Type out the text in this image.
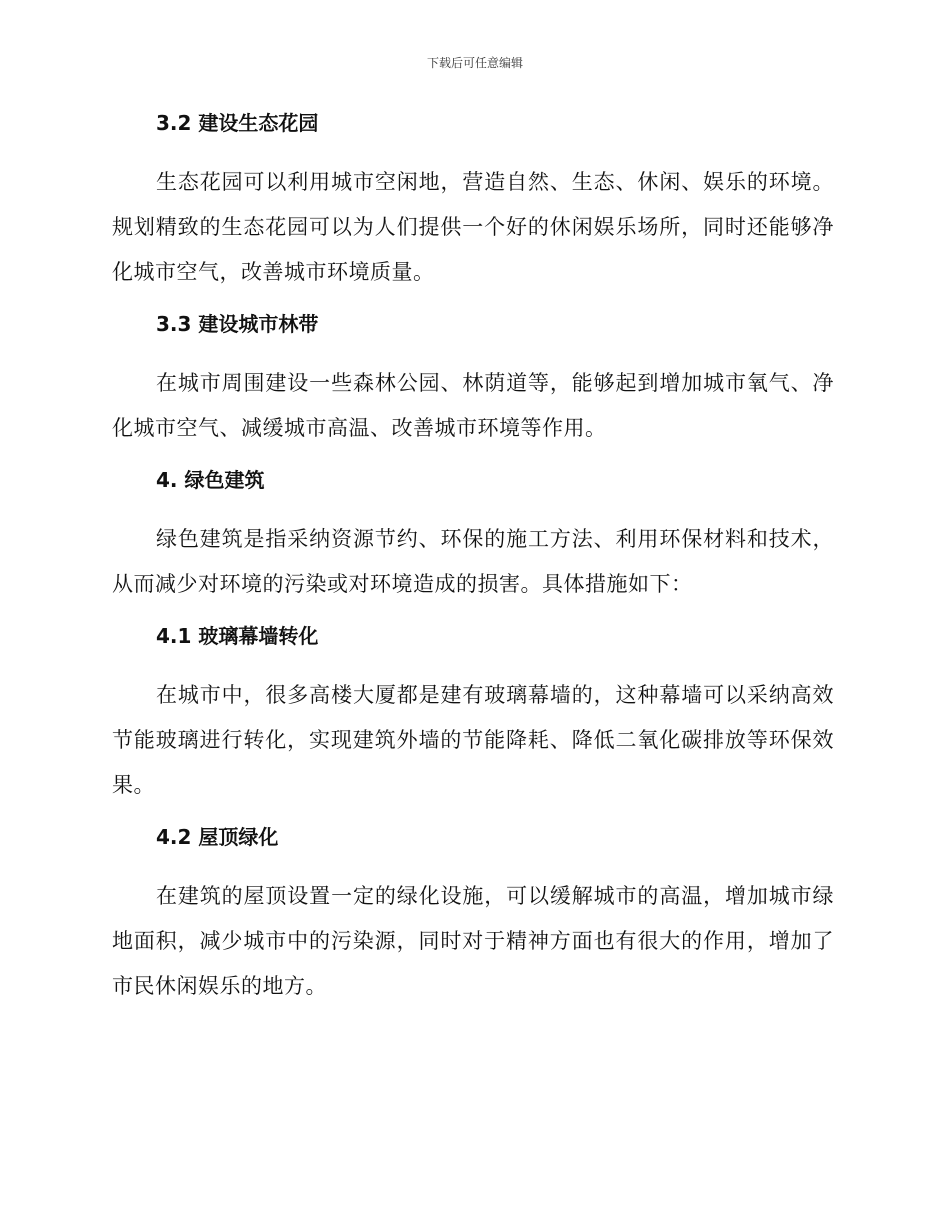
下载后可任意编辑
3.2 建设生态花园

生态花园可以利用城市空闲地，营造自然、生态、休闲、娱乐的环境。规划精致的生态花园可以为人们提供一个好的休闲娱乐场所，同时还能够净化城市空气，改善城市环境质量。

3.3 建设城市林带

在城市周围建设一些森林公园、林荫道等，能够起到增加城市氧气、净化城市空气、减缓城市高温、改善城市环境等作用。

4. 绿色建筑

绿色建筑是指采纳资源节约、环保的施工方法、利用环保材料和技术，从而减少对环境的污染或对环境造成的损害。具体措施如下：

4.1 玻璃幕墙转化

在城市中，很多高楼大厦都是建有玻璃幕墙的，这种幕墙可以采纳高效节能玻璃进行转化，实现建筑外墙的节能降耗、降低二氧化碳排放等环保效果。

4.2 屋顶绿化

在建筑的屋顶设置一定的绿化设施，可以缓解城市的高温，增加城市绿地面积，减少城市中的污染源，同时对于精神方面也有很大的作用，增加了市民休闲娱乐的地方。
